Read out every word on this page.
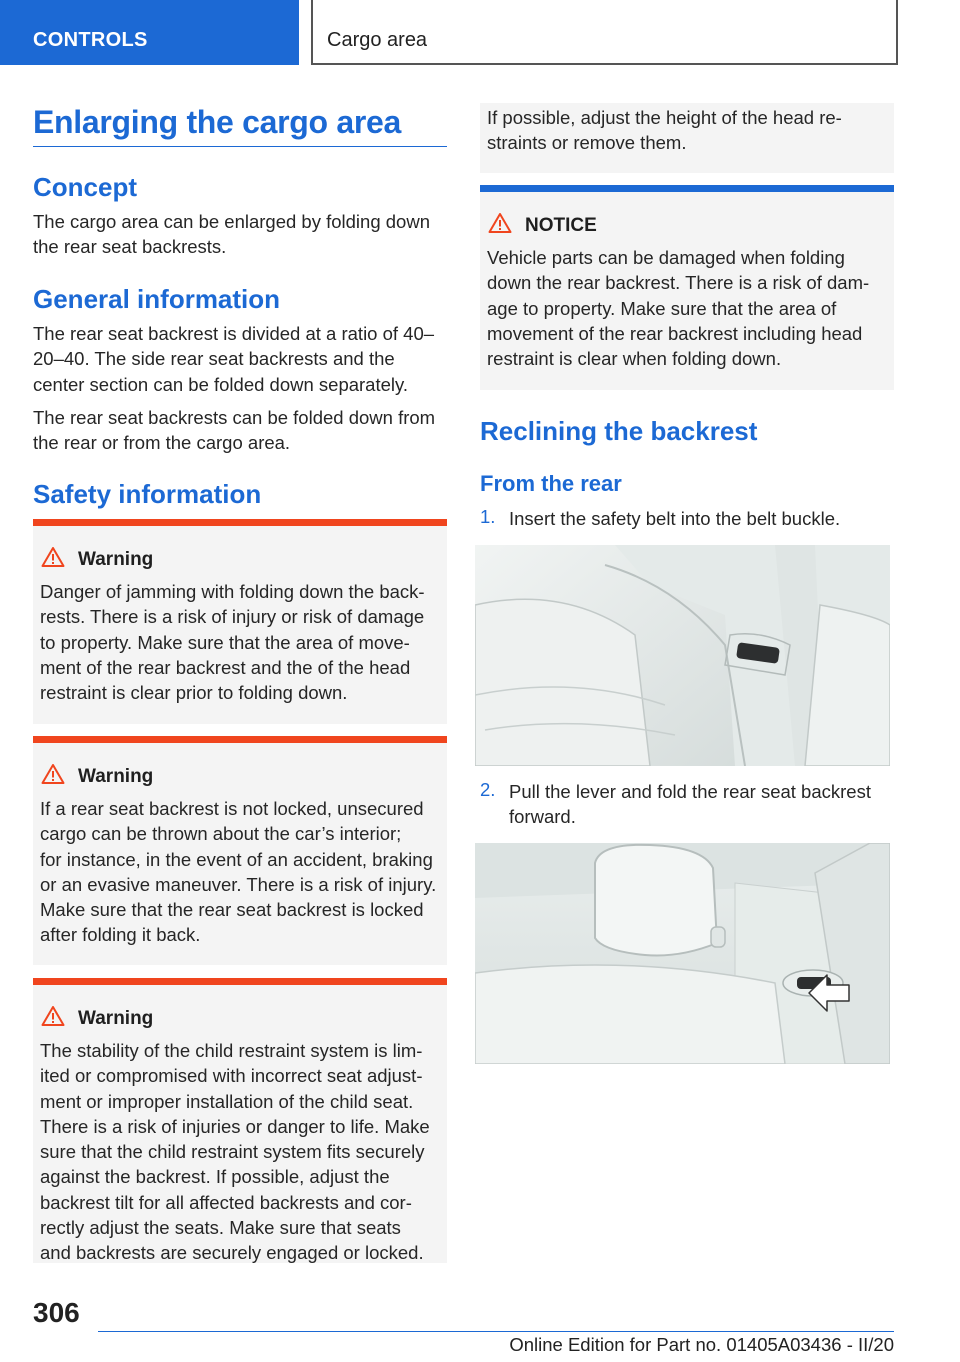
CONTROLS	Cargo area
Enlarging the cargo area
Concept
The cargo area can be enlarged by folding down
the rear seat backrests.
General information
The rear seat backrest is divided at a ratio of 40–
20–40. The side rear seat backrests and the
center section can be folded down separately.
The rear seat backrests can be folded down from
the rear or from the cargo area.
Safety information
Warning
Danger of jamming with folding down the back-
rests. There is a risk of injury or risk of damage
to property. Make sure that the area of move-
ment of the rear backrest and the of the head
restraint is clear prior to folding down.
Warning
If a rear seat backrest is not locked, unsecured
cargo can be thrown about the car’s interior;
for instance, in the event of an accident, braking
or an evasive maneuver. There is a risk of injury.
Make sure that the rear seat backrest is locked
after folding it back.
Warning
The stability of the child restraint system is lim-
ited or compromised with incorrect seat adjust-
ment or improper installation of the child seat.
There is a risk of injuries or danger to life. Make
sure that the child restraint system fits securely
against the backrest. If possible, adjust the
backrest tilt for all affected backrests and cor-
rectly adjust the seats. Make sure that seats
and backrests are securely engaged or locked.
If possible, adjust the height of the head re-
straints or remove them.
NOTICE
Vehicle parts can be damaged when folding
down the rear backrest. There is a risk of dam-
age to property. Make sure that the area of
movement of the rear backrest including head
restraint is clear when folding down.
Reclining the backrest
From the rear
1. Insert the safety belt into the belt buckle.
2. Pull the lever and fold the rear seat backrest
forward.
306
Online Edition for Part no. 01405A03436 - II/20
